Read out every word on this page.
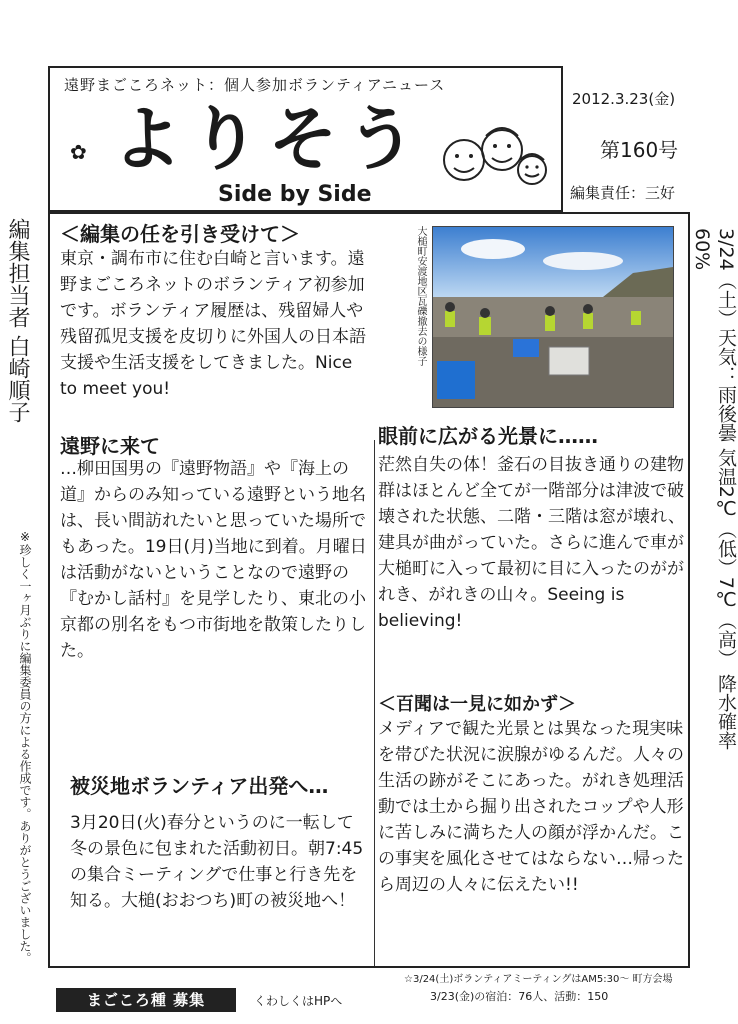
遠野まごころネット：個人参加ボランティアニュース
✿ よりそう
Side by Side
2012.3.23(金)
第160号
編集責任：三好
編集担当者 白崎順子
※珍しく一ヶ月ぶりに編集委員の方による作成です。ありがとうございました。	3/24（土）天気：雨後曇 気温2℃（低）7℃（高） 降水確率60%
＜編集の任を引き受けて＞
東京・調布市に住む白崎と言います。遠野まごころネットのボランティア初参加です。ボランティア履歴は、残留婦人や残留孤児支援を皮切りに外国人の日本語支援や生活支援をしてきました。Nice to meet you!
遠野に来て
…柳田国男の『遠野物語』や『海上の道』からのみ知っている遠野という地名は、長い間訪れたいと思っていた場所でもあった。19日(月)当地に到着。月曜日は活動がないということなので遠野の『むかし話村』を見学したり、東北の小京都の別名をもつ市街地を散策したりした。
被災地ボランティア出発へ…
3月20日(火)春分というのに一転して冬の景色に包まれた活動初日。朝7:45の集合ミーティングで仕事と行き先を知る。大槌(おおつち)町の被災地へ！
大槌町安渡地区瓦礫撤去の様子
眼前に広がる光景に……
茫然自失の体！釜石の目抜き通りの建物群はほとんど全てが一階部分は津波で破壊された状態、二階・三階は窓が壊れ、建具が曲がっていた。さらに進んで車が大槌町に入って最初に目に入ったのががれき、がれきの山々。Seeing is believing!
＜百聞は一見に如かず＞
メディアで観た光景とは異なった現実味を帯びた状況に涙腺がゆるんだ。人々の生活の跡がそこにあった。がれき処理活動では土から掘り出されたコップや人形に苦しみに満ちた人の顔が浮かんだ。この事実を風化させてはならない…帰ったら周辺の人々に伝えたい!!
☆3/24(土)ボランティアミーティングはAM5:30〜 町方会場
3/23(金)の宿泊：76人、活動：150
まごころ種 募集	くわしくはHPへ
